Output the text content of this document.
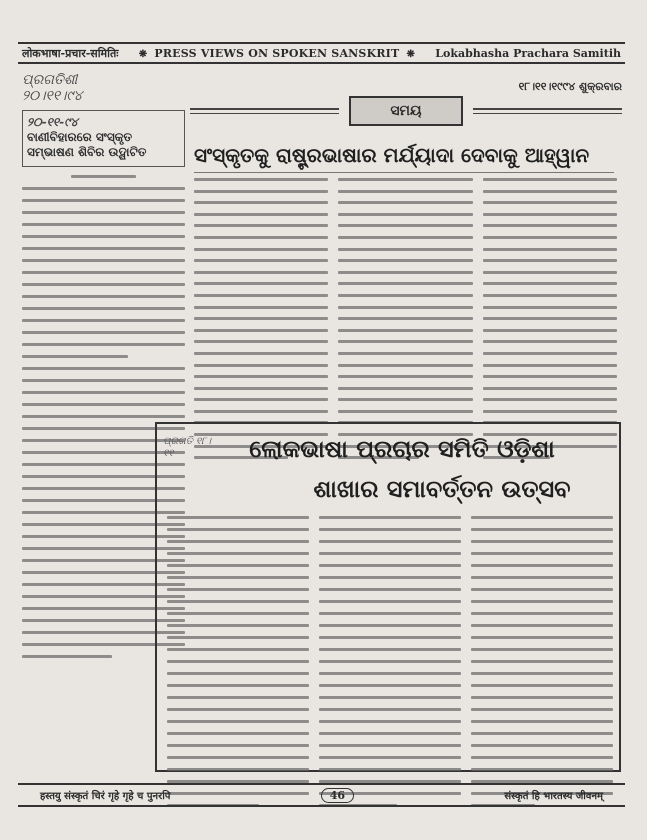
लोकभाषा-प्रचार-समितिः	❋ PRESS VIEWS ON SPOKEN SANSKRIT ❋	Lokabhasha Prachara Samitih
ପ୍ରଗତିଶୀ
୨୦।୧୧।୯୪
୨୦-୧୧-୯୪
ବାଣୀବିହାରରେ ସଂସ୍କୃତ ସମ୍ଭାଷଣ ଶିବିର ଉଦ୍ଘାଟିତ
୧୮।୧୧।୧୯୯୪ ଶୁକ୍ରବାର
ସମୟ
ସଂସ୍କୃତକୁ ରାଷ୍ଟ୍ରଭାଷାର ମର୍ଯ୍ୟାଦା ଦେବାକୁ ଆହ୍ୱାନ
ପ୍ରଗତି ୧୮।୧୧	ଲୋକଭାଷା ପ୍ରଚାର ସମିତି ଓଡ଼ିଶା
ଶାଖାର ସମାବର୍ତ୍ତନ ଉତ୍ସବ
हस्तयु संस्कृतं चिरं गृहे गृहे च पुनरपि	46	संस्कृतं हि भारतस्य जीवनम्
